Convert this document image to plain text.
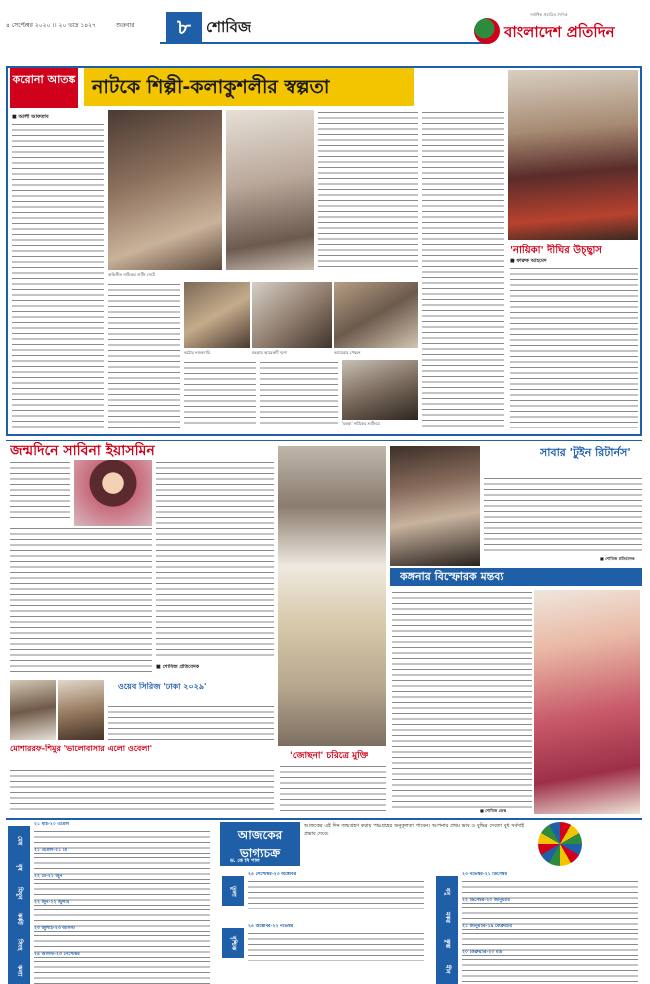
৪ সেপ্টেম্বর ২০২০ ।। ২০ ভাদ্র ১৪২৭	শুক্রবার	৮	শোবিজ
সর্বাধিক প্রচারিত দৈনিক
বাংলাদেশ প্রতিদিন
করোনা আতঙ্ক নাটকে শিল্পী-কলাকুশলীর স্বল্পতা
■ আলী আফতাব
অভিনীত নাটকের শুটিং সেটে
কঠোর নজরদারি	মহড়ায় আরেকটি দৃশ্যে	ক্যামেরার পেছনে
'মহড়া' নাটকের শুটিংয়ে
'নায়িকা' দীঘির উচ্ছ্বাস
■ ফারুক আহমেদ
জন্মদিনে সাবিনা ইয়াসমিন
■ শোবিজ প্রতিবেদক
ওয়েব সিরিজ 'ঢাকা ২০২৯'
মোশাররফ-শিমুর 'ভালোবাসার এলো ওবেলা'
'জোছনা' চরিত্রে মুক্তি
সাবার 'টুইন রিটার্নস'
■ শোবিজ প্রতিবেদক
কঙ্গনার বিস্ফোরক মন্তব্য
■ শোবিজ ডেস্ক
আজকের ভাগ্যচক্র
ড. কে সি পাল
আজকের এই দিন জন্মগ্রহণ করায় পঞ্চগ্রহের অনুকূলতা পাবেন। আপনার প্রথম ভাব ও বুদ্ধির দেবতা বুধ সর্বদাই প্রভাব দেবে।
মেষ
২১ মার্চ-২০ এপ্রিল
বৃষ
২১ এপ্রিল-২১ মে
মিথুন
২২ মে-২১ জুন
কর্কট
২২ জুন-২২ জুলাই
সিংহ
২৩ জুলাই-২৩ আগস্ট
কন্যা
২৪ আগস্ট-২৩ সেপ্টেম্বর
তুলা
২৪ সেপ্টেম্বর-২৩ অক্টোবর
বৃশ্চিক
২৪ অক্টোবর-২২ নভেম্বর
ধনু
২৩ নভেম্বর-২১ ডিসেম্বর
মকর
২২ ডিসেম্বর-২০ জানুয়ারি
কুম্ভ
২১ জানুয়ারি-১৯ ফেব্রুয়ারি
মীন
২০ ফেব্রুয়ারি-২০ মার্চ
